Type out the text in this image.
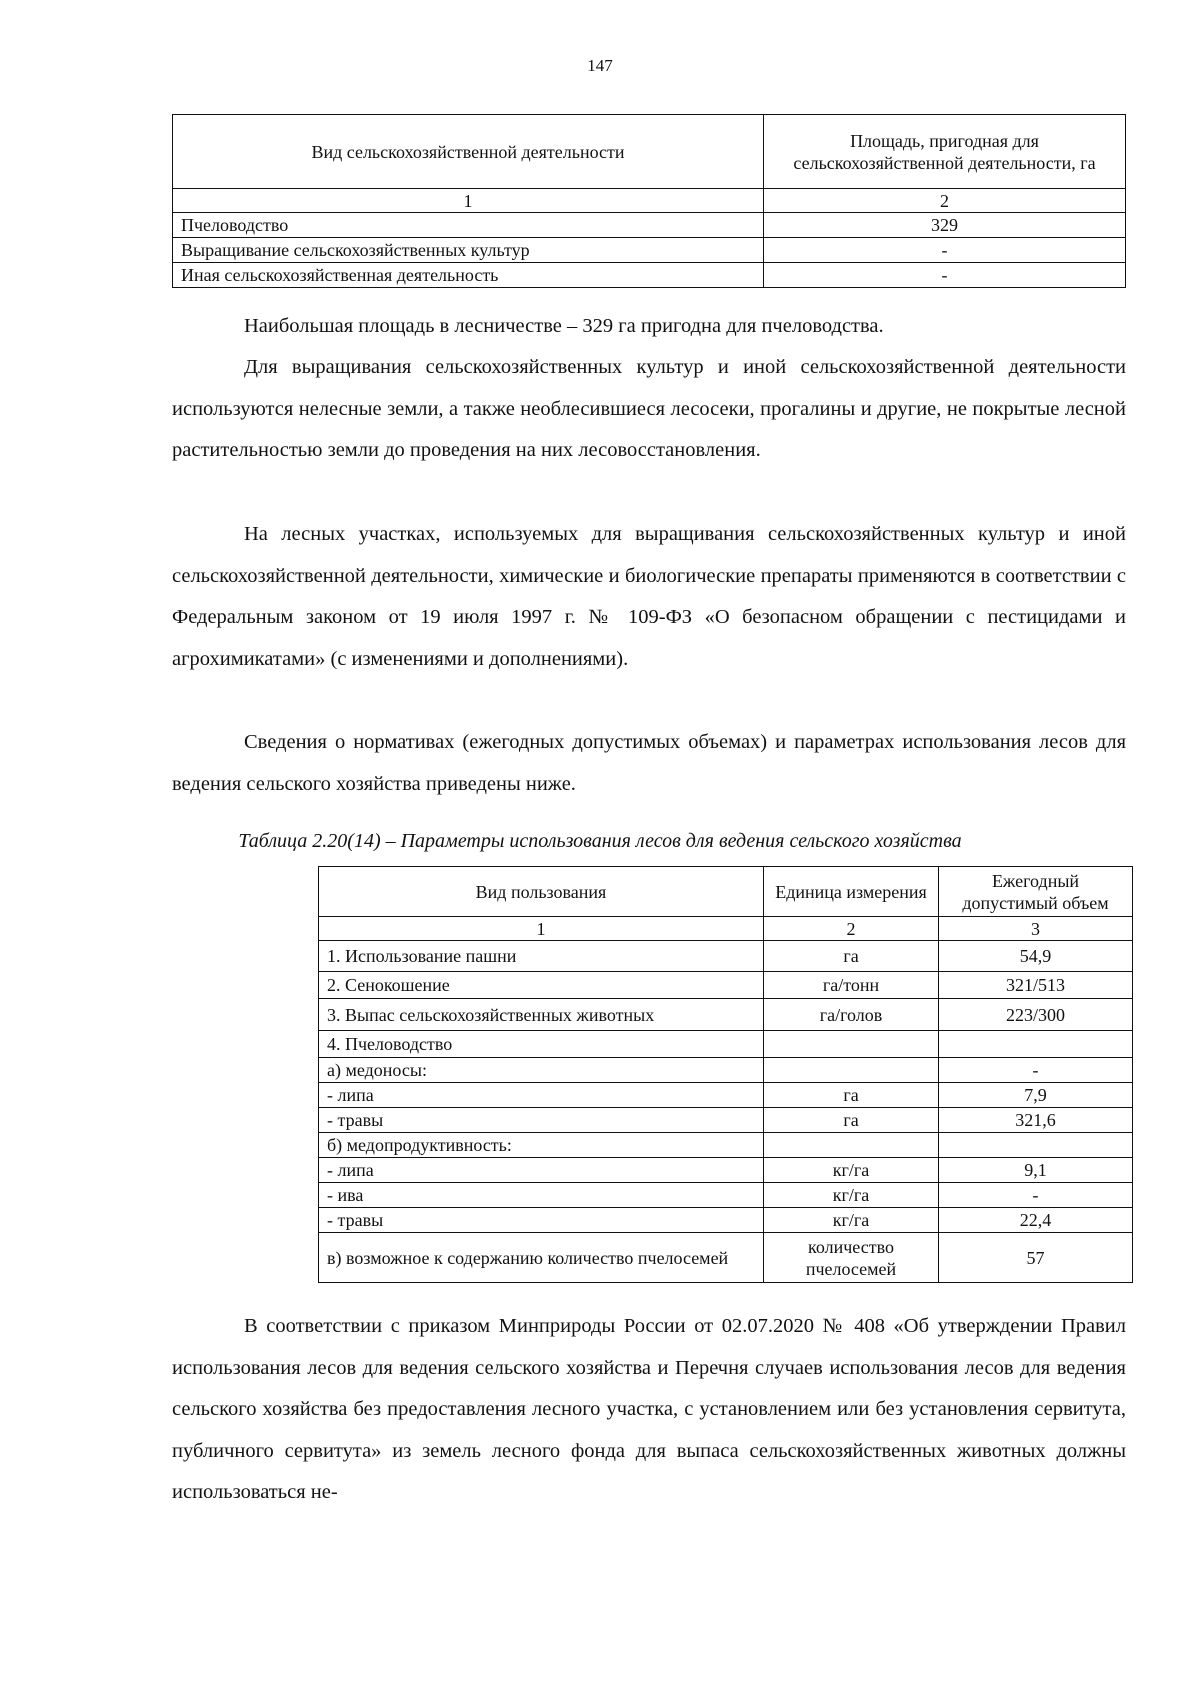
147
Вид сельскохозяйственной деятельности	Площадь, пригодная для сельскохозяйственной деятельности, га
1	2
Пчеловодство	329
Выращивание сельскохозяйственных культур	-
Иная сельскохозяйственная деятельность	-

Наибольшая площадь в лесничестве – 329 га пригодна для пчеловодства.

Для выращивания сельскохозяйственных культур и иной сельскохозяйственной деятельности используются нелесные земли, а также необлесившиеся лесосеки, прогалины и другие, не покрытые лесной растительностью земли до проведения на них лесовосстановления.

На лесных участках, используемых для выращивания сельскохозяйственных культур и иной сельскохозяйственной деятельности, химические и биологические препараты применяются в соответствии с Федеральным законом от 19 июля 1997 г. № 109-ФЗ «О безопасном обращении с пестицидами и агрохимикатами» (с изменениями и дополнениями).

Сведения о нормативах (ежегодных допустимых объемах) и параметрах использования лесов для ведения сельского хозяйства приведены ниже.

Таблица 2.20(14) – Параметры использования лесов для ведения сельского хозяйства
Вид пользования	Единица измерения	Ежегодный допустимый объем
1	2	3
1. Использование пашни	га	54,9
2. Сенокошение	га/тонн	321/513
3. Выпас сельскохозяйственных животных	га/голов	223/300
4. Пчеловодство		
а) медоносы:		-
- липа	га	7,9
- травы	га	321,6
б) медопродуктивность:		
- липа	кг/га	9,1
- ива	кг/га	-
- травы	кг/га	22,4
в) возможное к содержанию количество пчелосемей	количество пчелосемей	57

В соответствии с приказом Минприроды России от 02.07.2020 № 408 «Об утверждении Правил использования лесов для ведения сельского хозяйства и Перечня случаев использования лесов для ведения сельского хозяйства без предоставления лесного участка, с установлением или без установления сервитута, публичного сервитута» из земель лесного фонда для выпаса сельскохозяйственных животных должны использоваться не-
